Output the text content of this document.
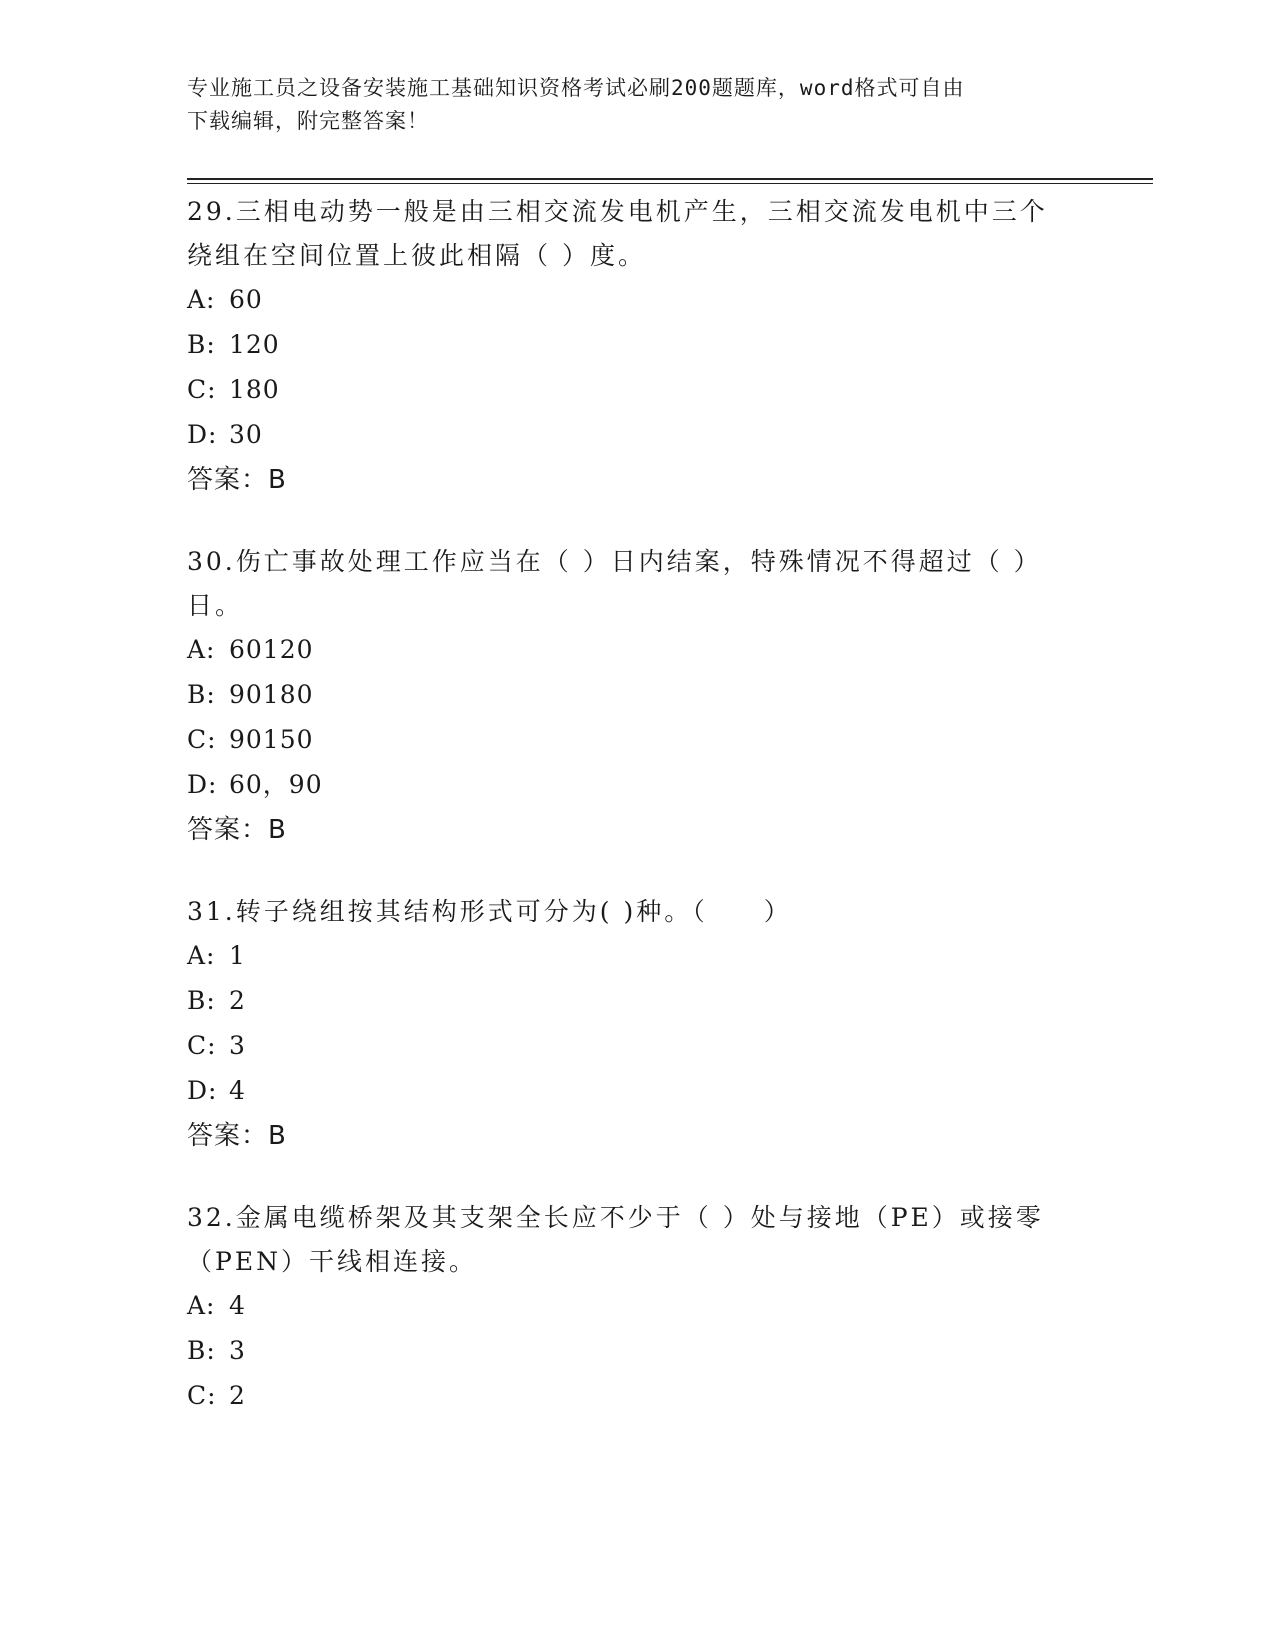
专业施工员之设备安装施工基础知识资格考试必刷200题题库，word格式可自由
下载编辑，附完整答案！

29.三相电动势一般是由三相交流发电机产生，三相交流发电机中三个

绕组在空间位置上彼此相隔（ ）度。

A: 60

B: 120

C: 180

D: 30

答案：B

30.伤亡事故处理工作应当在（ ）日内结案，特殊情况不得超过（ ）

日。

A: 60120

B: 90180

C: 90150

D: 60，90

答案：B

31.转子绕组按其结构形式可分为( )种。（　　）

A: 1

B: 2

C: 3

D: 4

答案：B

32.金属电缆桥架及其支架全长应不少于（ ）处与接地（PE）或接零

（PEN）干线相连接。

A: 4

B: 3

C: 2
